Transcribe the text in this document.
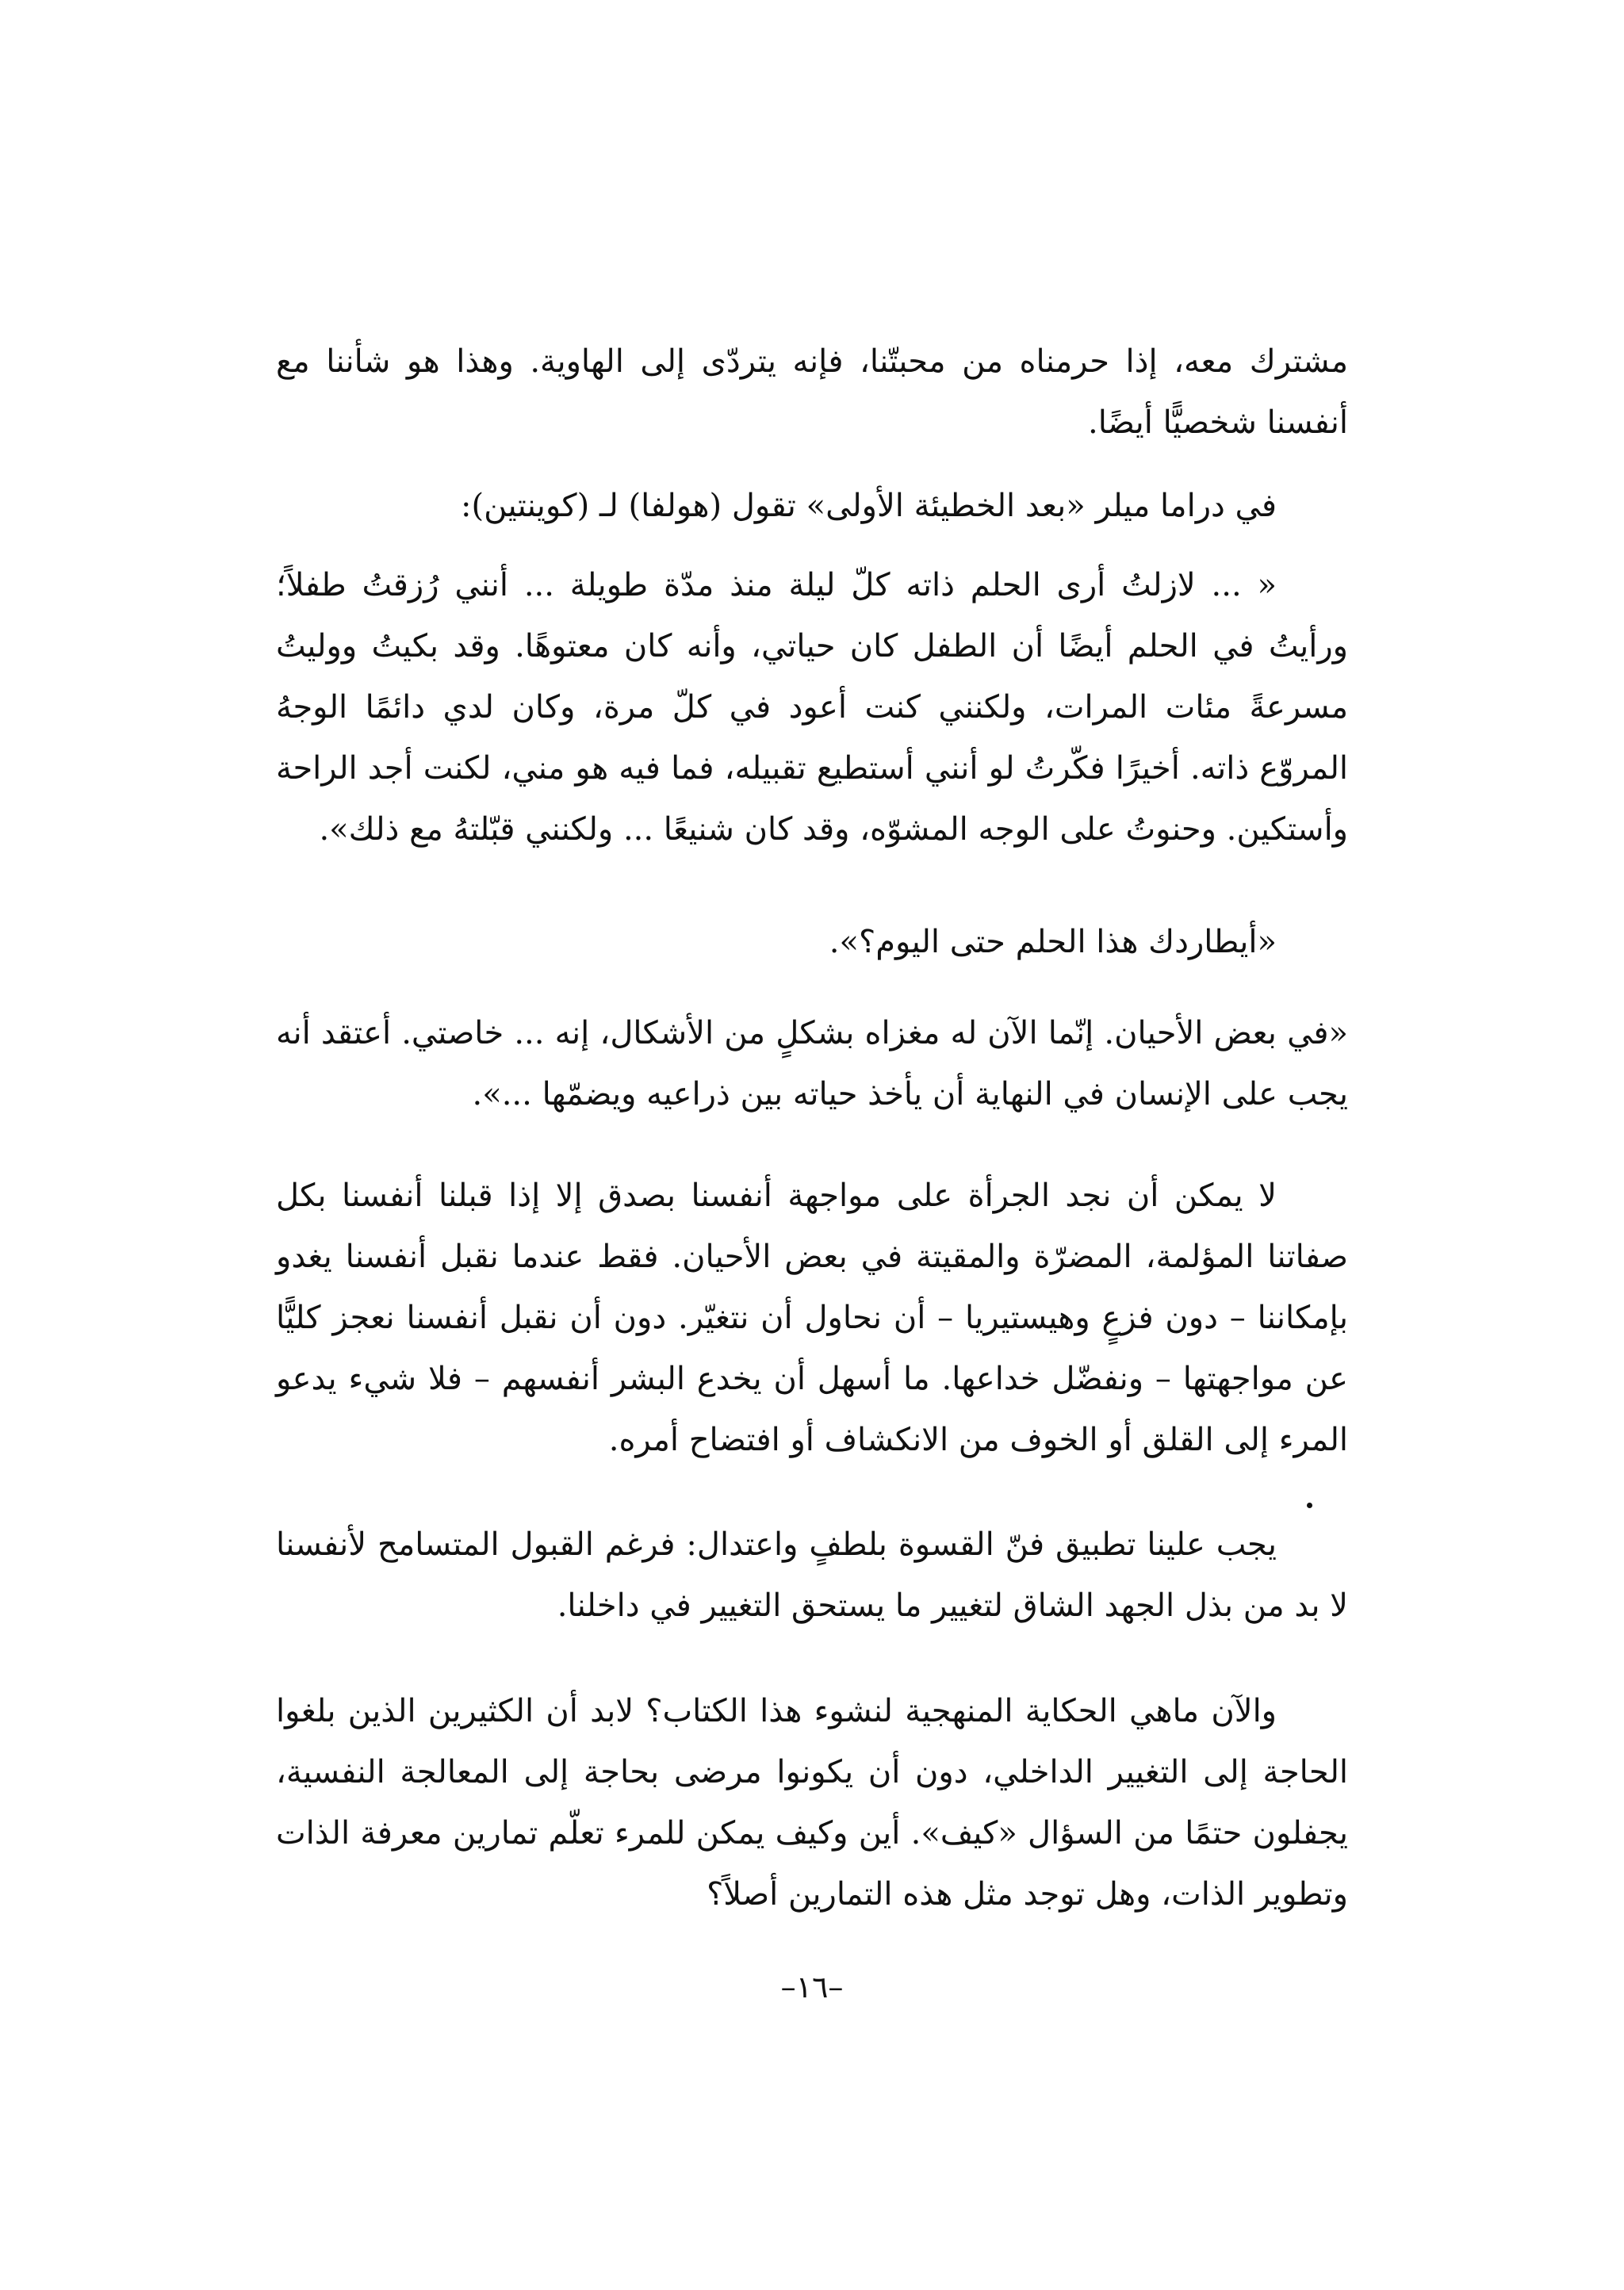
مشترك معه، إذا حرمناه من محبتّنا، فإنه يتردّى إلى الهاوية. وهذا هو شأننا مع أنفسنا شخصيًّا أيضًا.

في دراما ميلر «بعد الخطيئة الأولى» تقول (هولفا) لـ (كوينتين):

« ... لازلتُ أرى الحلم ذاته كلّ ليلة منذ مدّة طويلة ... أنني رُزقتُ طفلاً؛ ورأيتُ في الحلم أيضًا أن الطفل كان حياتي، وأنه كان معتوهًا. وقد بكيتُ ووليتُ مسرعةً مئات المرات، ولكنني كنت أعود في كلّ مرة، وكان لدي دائمًا الوجهُ المروّع ذاته. أخيرًا فكّرتُ لو أنني أستطيع تقبيله، فما فيه هو مني، لكنت أجد الراحة وأستكين. وحنوتُ على الوجه المشوّه، وقد كان شنيعًا ... ولكنني قبّلتهُ مع ذلك».

«أيطاردك هذا الحلم حتى اليوم؟».

«في بعض الأحيان. إنّما الآن له مغزاه بشكلٍ من الأشكال، إنه ... خاصتي. أعتقد أنه يجب على الإنسان في النهاية أن يأخذ حياته بين ذراعيه ويضمّها ...».

لا يمكن أن نجد الجرأة على مواجهة أنفسنا بصدق إلا إذا قبلنا أنفسنا بكل صفاتنا المؤلمة، المضرّة والمقيتة في بعض الأحيان. فقط عندما نقبل أنفسنا يغدو بإمكاننا – دون فزعٍ وهيستيريا – أن نحاول أن نتغيّر. دون أن نقبل أنفسنا نعجز كليًّا عن مواجهتها – ونفضّل خداعها. ما أسهل أن يخدع البشر أنفسهم – فلا شيء يدعو المرء إلى القلق أو الخوف من الانكشاف أو افتضاح أمره.

يجب علينا تطبيق فنّ القسوة بلطفٍ واعتدال: فرغم القبول المتسامح لأنفسنا لا بد من بذل الجهد الشاق لتغيير ما يستحق التغيير في داخلنا.

والآن ماهي الحكاية المنهجية لنشوء هذا الكتاب؟ لابد أن الكثيرين الذين بلغوا الحاجة إلى التغيير الداخلي، دون أن يكونوا مرضى بحاجة إلى المعالجة النفسية، يجفلون حتمًا من السؤال «كيف». أين وكيف يمكن للمرء تعلّم تمارين معرفة الذات وتطوير الذات، وهل توجد مثل هذه التمارين أصلاً؟

–١٦–
